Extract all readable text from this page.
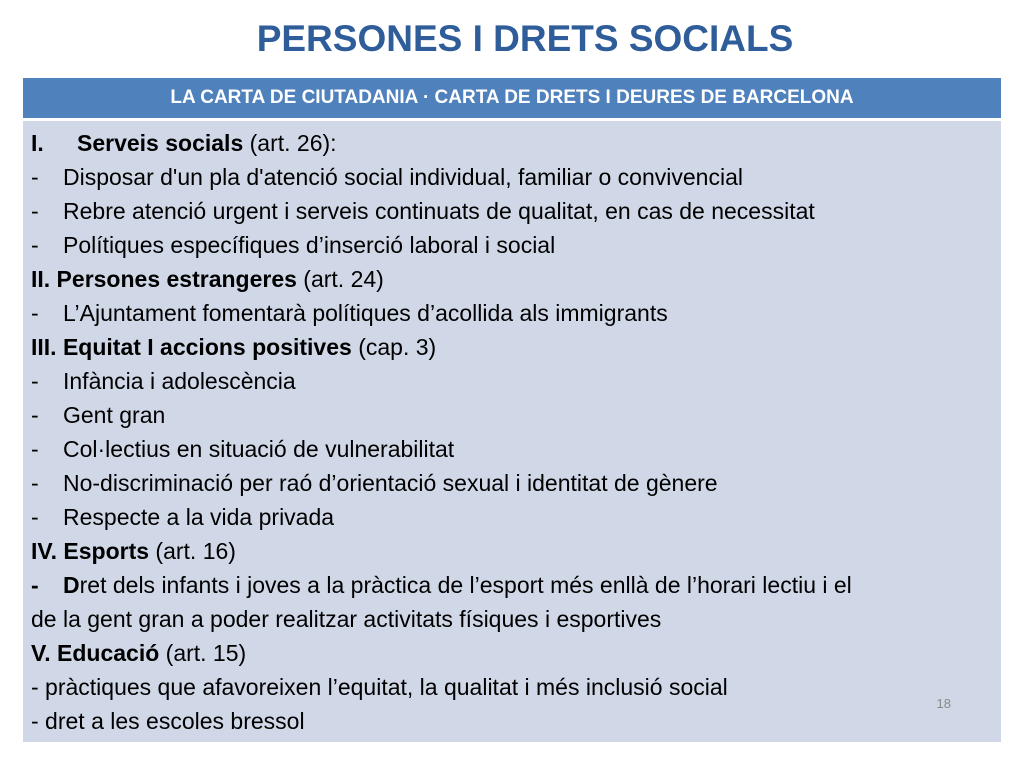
PERSONES I DRETS SOCIALS
LA CARTA DE CIUTADANIA · CARTA DE DRETS I DEURES DE BARCELONA
I. Serveis socials (art. 26):
- Disposar d'un pla d'atenció social individual, familiar o convivencial
- Rebre atenció urgent i serveis continuats de qualitat, en cas de necessitat
- Polítiques específiques d’inserció laboral i social
II. Persones estrangeres (art. 24)
- L’Ajuntament fomentarà polítiques d’acollida als immigrants
III. Equitat I accions positives (cap. 3)
- Infància i adolescència
- Gent gran
- Col·lectius en situació de vulnerabilitat
- No-discriminació per raó d’orientació sexual i identitat de gènere
- Respecte a la vida privada
IV. Esports (art. 16)
- Dret dels infants i joves a la pràctica de l’esport més enllà de l’horari lectiu i el
de la gent gran a poder realitzar activitats físiques i esportives
V. Educació (art. 15)
- pràctiques que afavoreixen l’equitat, la qualitat i més inclusió social
- dret a les escoles bressol
18
